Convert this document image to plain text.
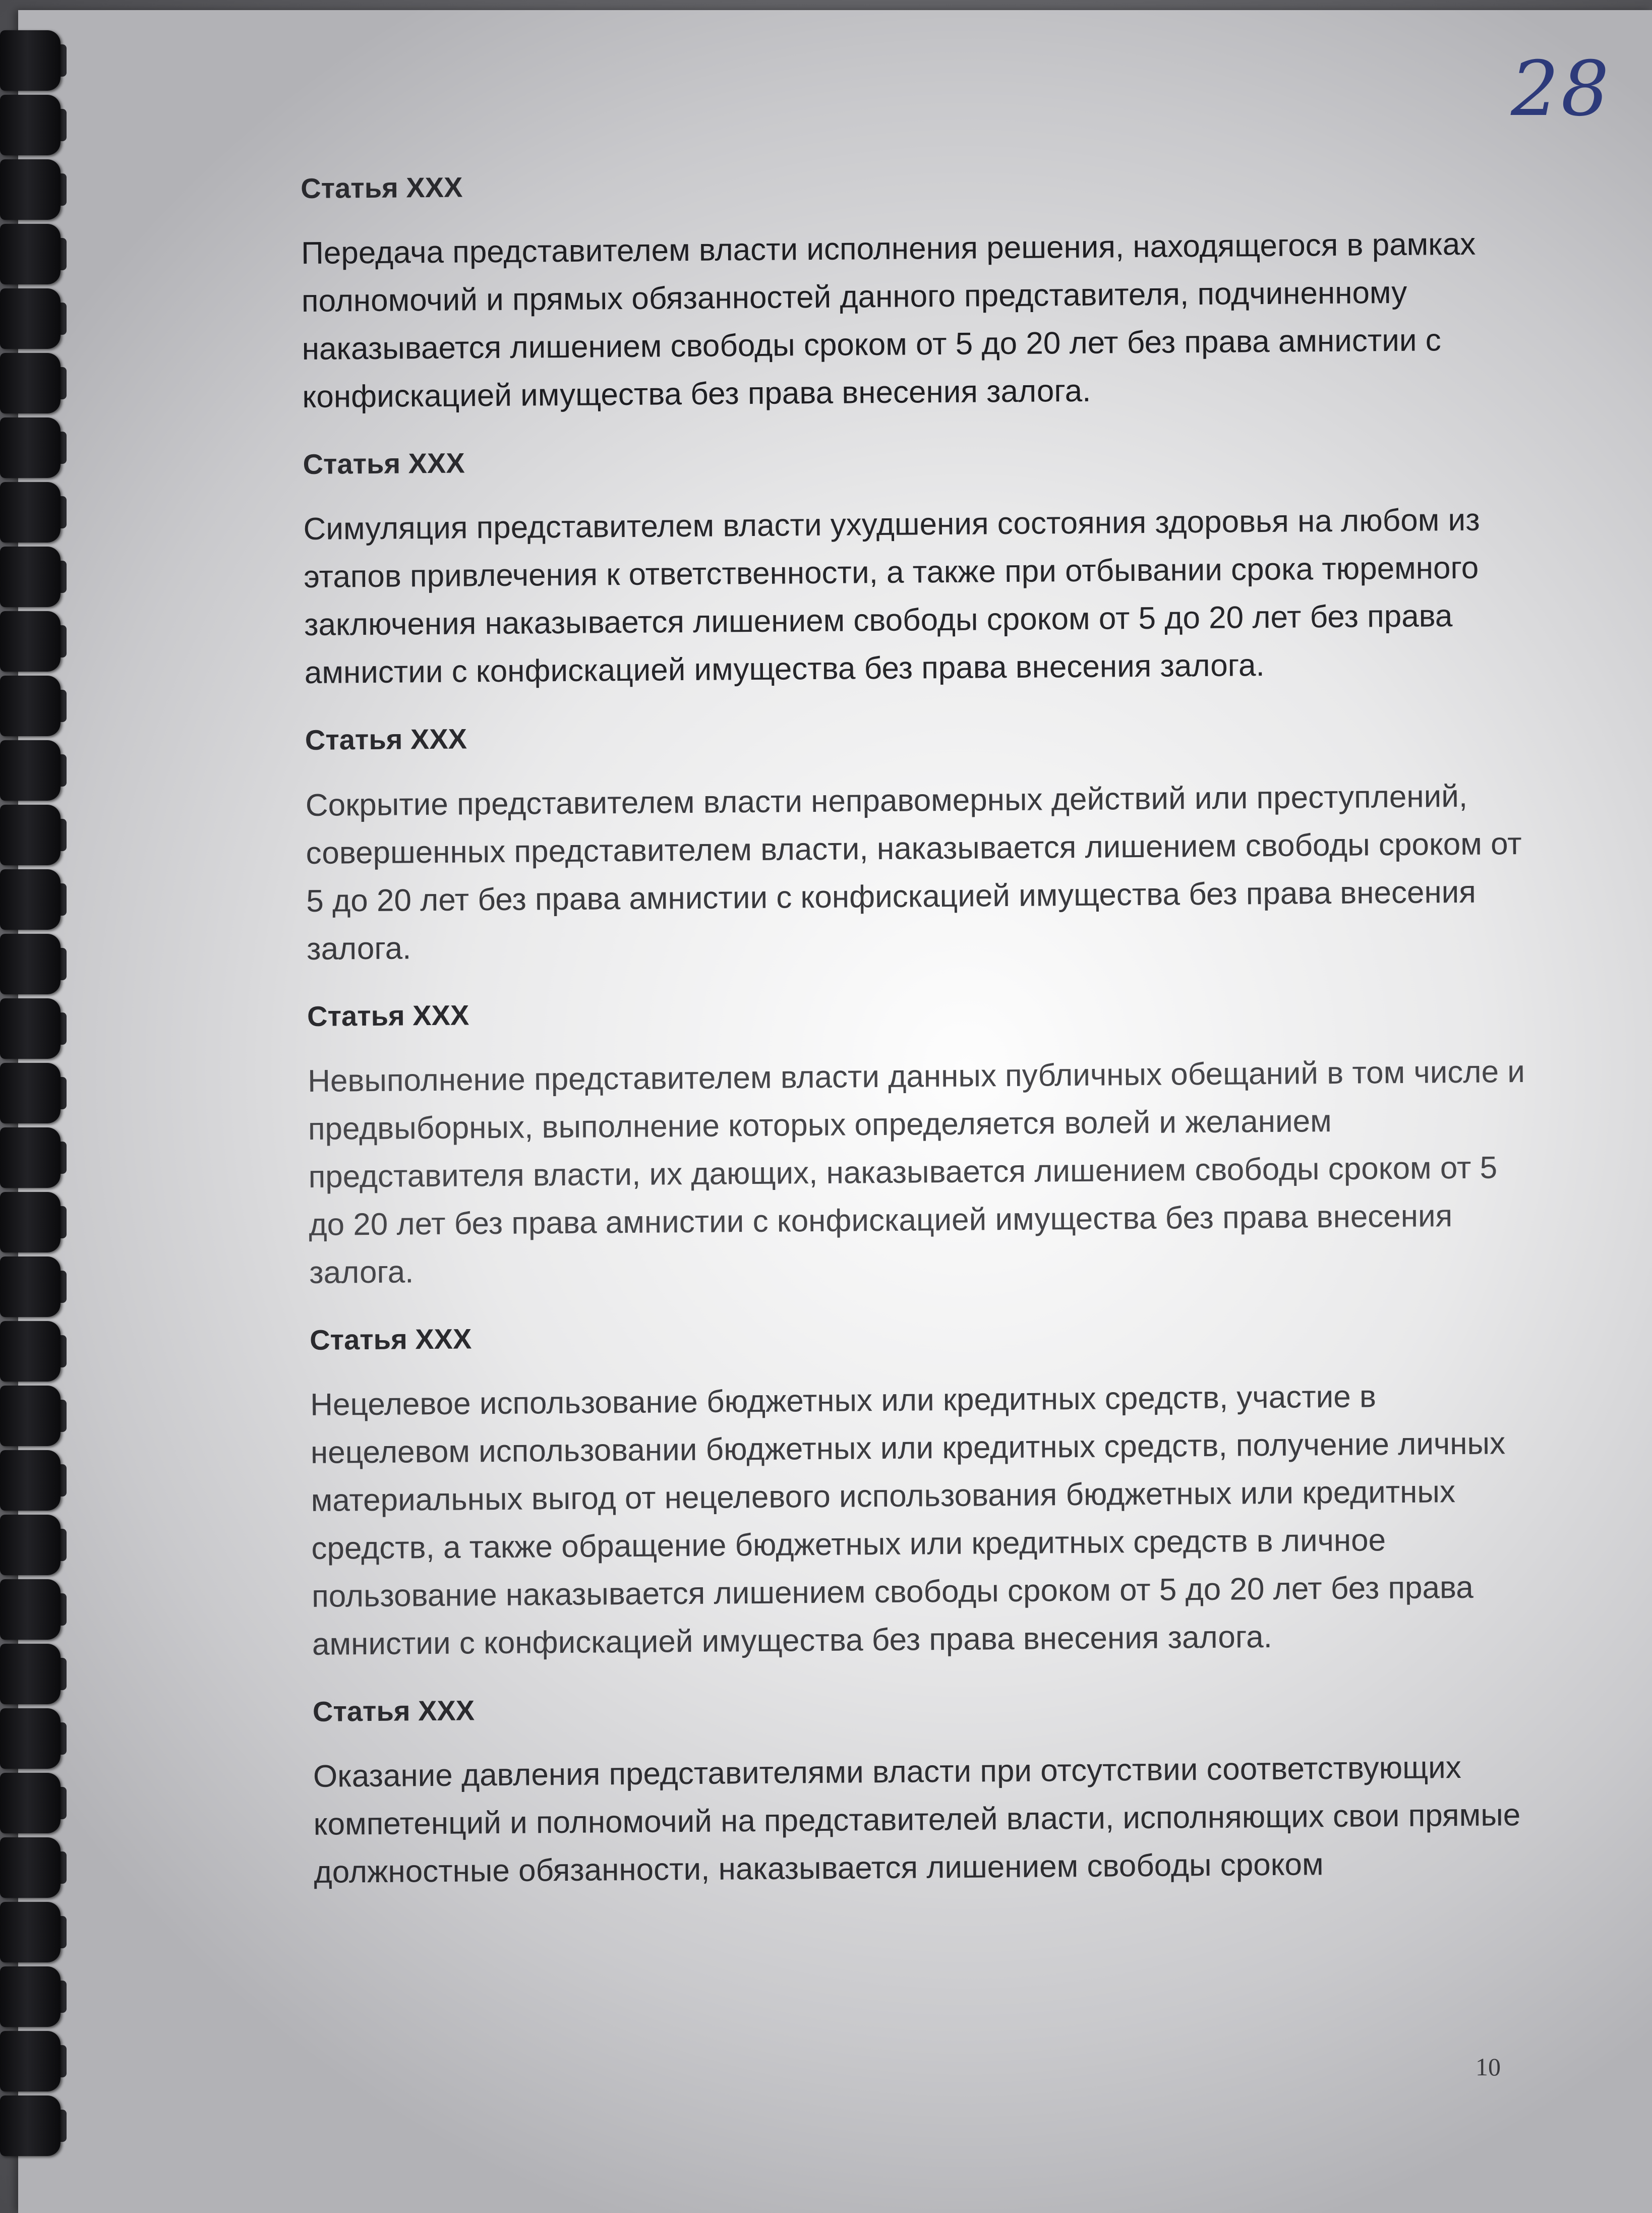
28
Статья ХХХ
Передача представителем власти исполнения решения, находящегося в рамках полномочий и прямых обязанностей данного представителя, подчиненному наказывается лишением свободы сроком от 5 до 20 лет без права амнистии с конфискацией имущества без права внесения залога.
Статья ХХХ
Симуляция представителем власти ухудшения состояния здоровья на любом из этапов привлечения к ответственности, а также при отбывании срока тюремного заключения наказывается лишением свободы сроком от 5 до 20 лет без права амнистии с конфискацией имущества без права внесения залога.
Статья ХХХ
Сокрытие представителем власти неправомерных действий или преступлений, совершенных представителем власти, наказывается лишением свободы сроком от 5 до 20 лет без права амнистии с конфискацией имущества без права внесения залога.
Статья ХХХ
Невыполнение представителем власти данных публичных обещаний в том числе и предвыборных, выполнение которых определяется волей и желанием представителя власти, их дающих, наказывается лишением свободы сроком от 5 до 20 лет без права амнистии с конфискацией имущества без права внесения залога.
Статья ХХХ
Нецелевое использование бюджетных или кредитных средств, участие в нецелевом использовании бюджетных или кредитных средств, получение личных материальных выгод от нецелевого использования бюджетных или кредитных средств, а также обращение бюджетных или кредитных средств в личное пользование наказывается лишением свободы сроком от 5 до 20 лет без права амнистии с конфискацией имущества без права внесения залога.
Статья ХХХ
Оказание давления представителями власти при отсутствии соответствующих компетенций и полномочий на представителей власти, исполняющих свои прямые должностные обязанности, наказывается лишением свободы сроком
10
